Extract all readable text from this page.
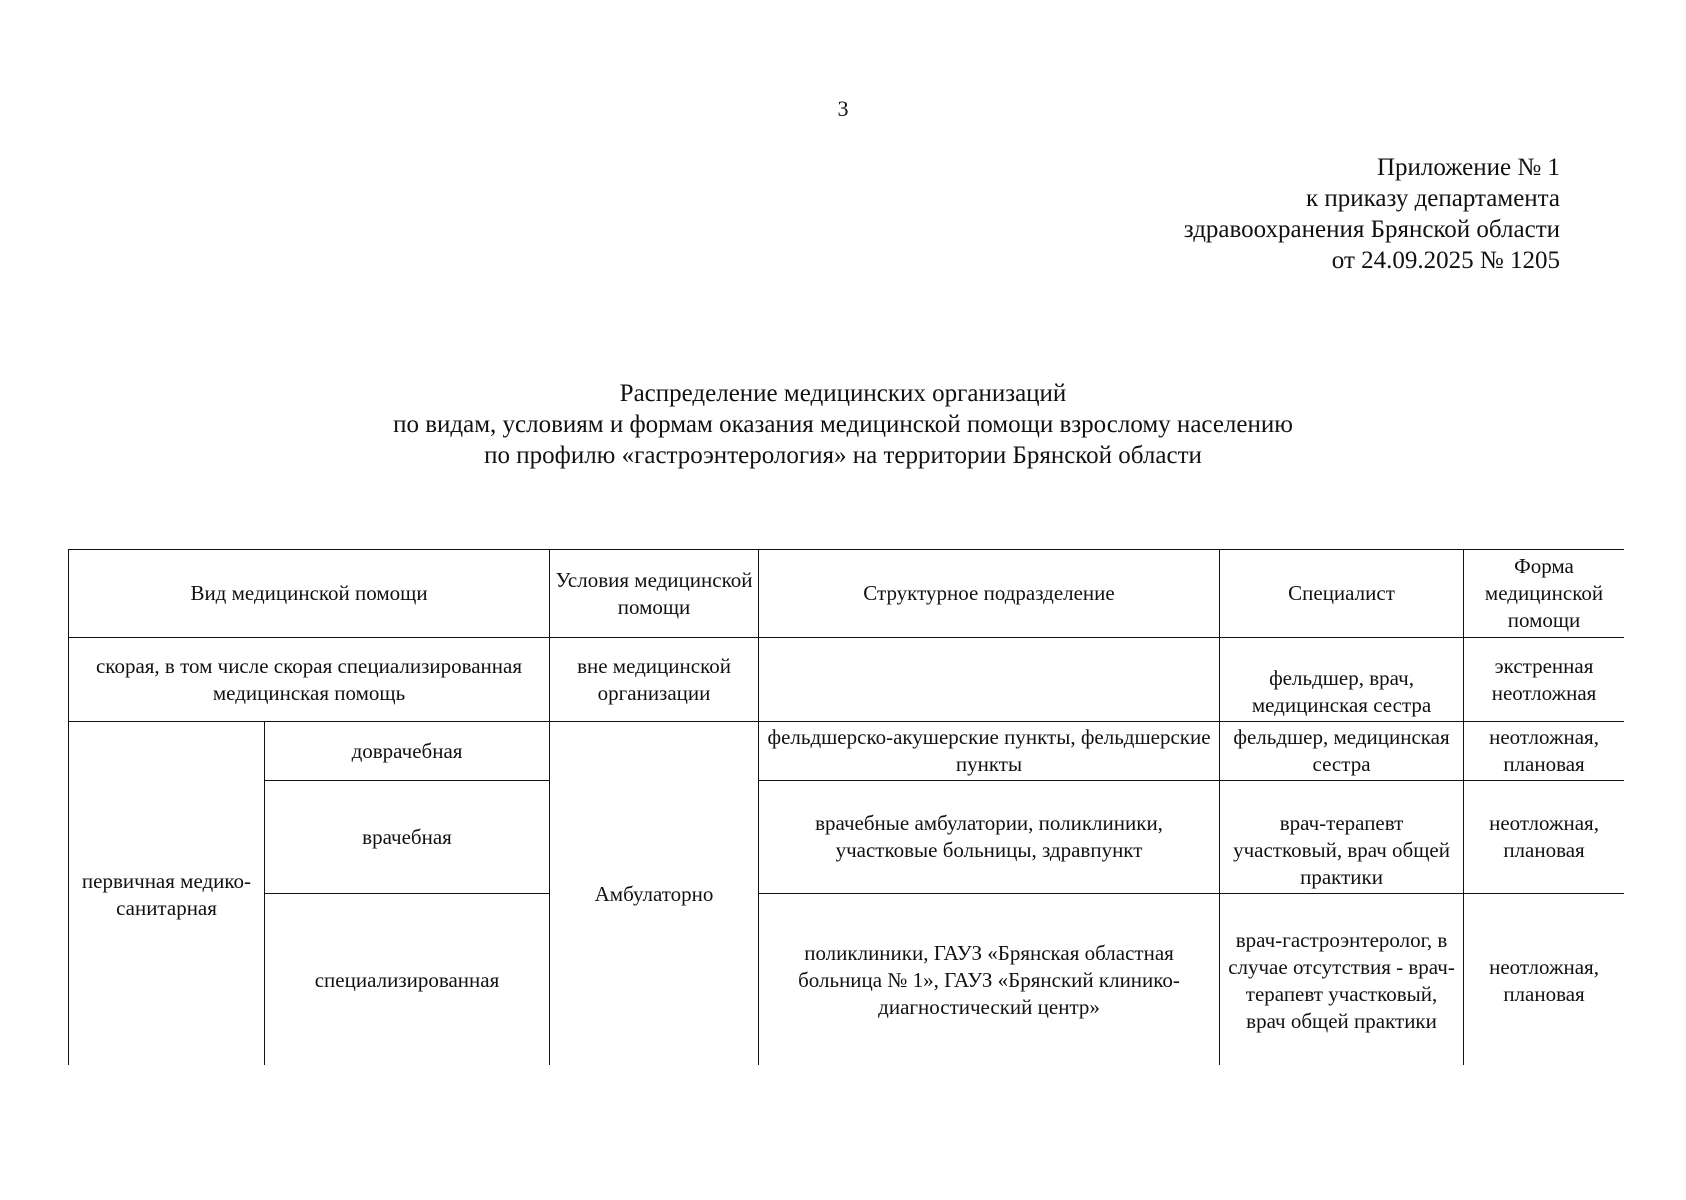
3
Приложение № 1
к приказу департамента
здравоохранения Брянской области
от 24.09.2025 № 1205
Распределение медицинских организаций
по видам, условиям и формам оказания медицинской помощи взрослому населению
по профилю «гастроэнтерология» на территории Брянской области
Вид медицинской помощи		Условия медицинской помощи	Структурное подразделение	Специалист	Форма медицинской помощи
скорая, в том числе скорая специализированная медицинская помощь		вне медицинской организации		фельдшер, врач, медицинская сестра	экстренная неотложная
первичная медико-санитарная	доврачебная	Амбулаторно	фельдшерско-акушерские пункты, фельдшерские пункты	фельдшер, медицинская сестра	неотложная, плановая
	врачебная		врачебные амбулатории, поликлиники, участковые больницы, здравпункт	врач-терапевт участковый, врач общей практики	неотложная, плановая
	специализированная		поликлиники, ГАУЗ «Брянская областная больница № 1», ГАУЗ «Брянский клинико-диагностический центр»	врач-гастроэнтеролог, в случае отсутствия - врач-терапевт участковый, врач общей практики	неотложная, плановая
